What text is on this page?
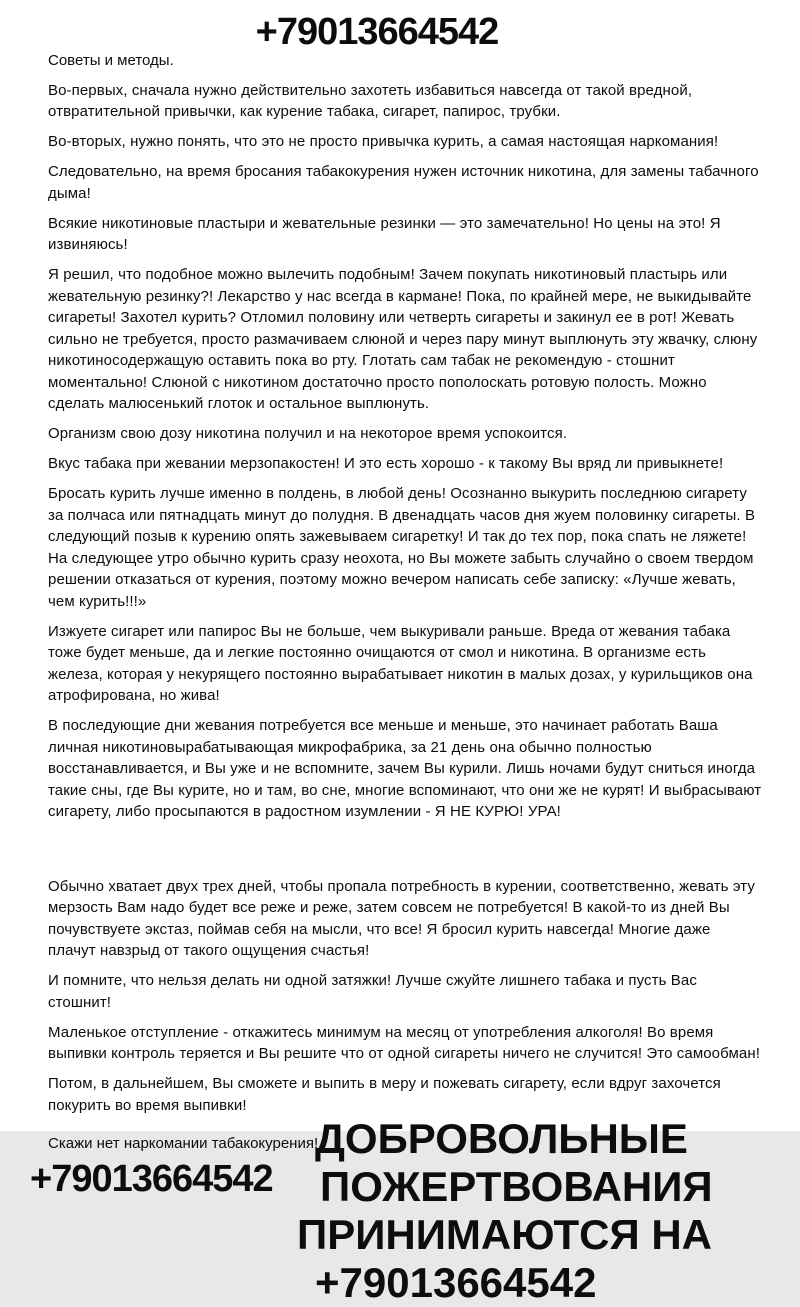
+79013664542
Советы и методы.

Во-первых, сначала нужно действительно захотеть избавиться навсегда от такой вредной, отвратительной привычки, как курение табака, сигарет, папирос, трубки.

Во-вторых, нужно понять, что это не просто привычка курить, а самая настоящая наркомания!

Следовательно, на время бросания табакокурения нужен источник никотина, для замены табачного дыма!

Всякие никотиновые пластыри и жевательные резинки — это замечательно! Но цены на это! Я извиняюсь!

Я решил, что подобное можно вылечить подобным! Зачем покупать никотиновый пластырь или жевательную резинку?! Лекарство у нас всегда в кармане! Пока, по крайней мере, не выкидывайте сигареты! Захотел курить? Отломил половину или четверть сигареты и закинул ее в рот! Жевать сильно не требуется, просто размачиваем слюной и через пару минут выплюнуть эту жвачку, слюну никотиносодержащую оставить пока во рту. Глотать сам табак не рекомендую - стошнит моментально! Слюной с никотином достаточно просто пополоскать ротовую полость. Можно сделать малюсенький глоток и остальное выплюнуть.

Организм свою дозу никотина получил и на некоторое время успокоится.

Вкус табака при жевании мерзопакостен! И это есть хорошо - к такому Вы вряд ли привыкнете!

Бросать курить лучше именно в полдень, в любой день! Осознанно выкурить последнюю сигарету за полчаса или пятнадцать минут до полудня. В двенадцать часов дня жуем половинку сигареты. В следующий позыв к курению опять зажевываем сигаретку! И так до тех пор, пока спать не ляжете! На следующее утро обычно курить сразу неохота, но Вы можете забыть случайно о своем твердом решении отказаться от курения, поэтому можно вечером написать себе записку: «Лучше жевать, чем курить!!!»

Изжуете сигарет или папирос Вы не больше, чем выкуривали раньше. Вреда от жевания табака тоже будет меньше, да и легкие постоянно очищаются от смол и никотина. В организме есть железа, которая у некурящего постоянно вырабатывает никотин в малых дозах, у курильщиков она атрофирована, но жива!

В последующие дни жевания потребуется все меньше и меньше, это начинает работать Ваша личная никотиновырабатывающая микрофабрика, за 21 день она обычно полностью восстанавливается, и Вы уже и не вспомните, зачем Вы курили. Лишь ночами будут сниться иногда такие сны, где Вы курите, но и там, во сне, многие вспоминают, что они же не курят! И выбрасывают сигарету, либо просыпаются в радостном изумлении - Я НЕ КУРЮ! УРА!

Обычно хватает двух трех дней, чтобы пропала потребность в курении, соответственно, жевать эту мерзость Вам надо будет все реже и реже, затем совсем не потребуется! В какой-то из дней Вы почувствуете экстаз, поймав себя на мысли, что все! Я бросил курить навсегда! Многие даже плачут навзрыд от такого ощущения счастья!

И помните, что нельзя делать ни одной затяжки! Лучше сжуйте лишнего табака и пусть Вас стошнит!

Маленькое отступление - откажитесь минимум на месяц от употребления алкоголя! Во время выпивки контроль теряется и Вы решите что от одной сигареты ничего не случится! Это самообман!

Потом, в дальнейшем, Вы сможете и выпить в меру и пожевать сигарету, если вдруг захочется покурить во время выпивки!

Скажи нет наркомании табакокурения!
+79013664542
ДОБРОВОЛЬНЫЕ
ПОЖЕРТВОВАНИЯ
ПРИНИМАЮТСЯ НА
+79013664542
